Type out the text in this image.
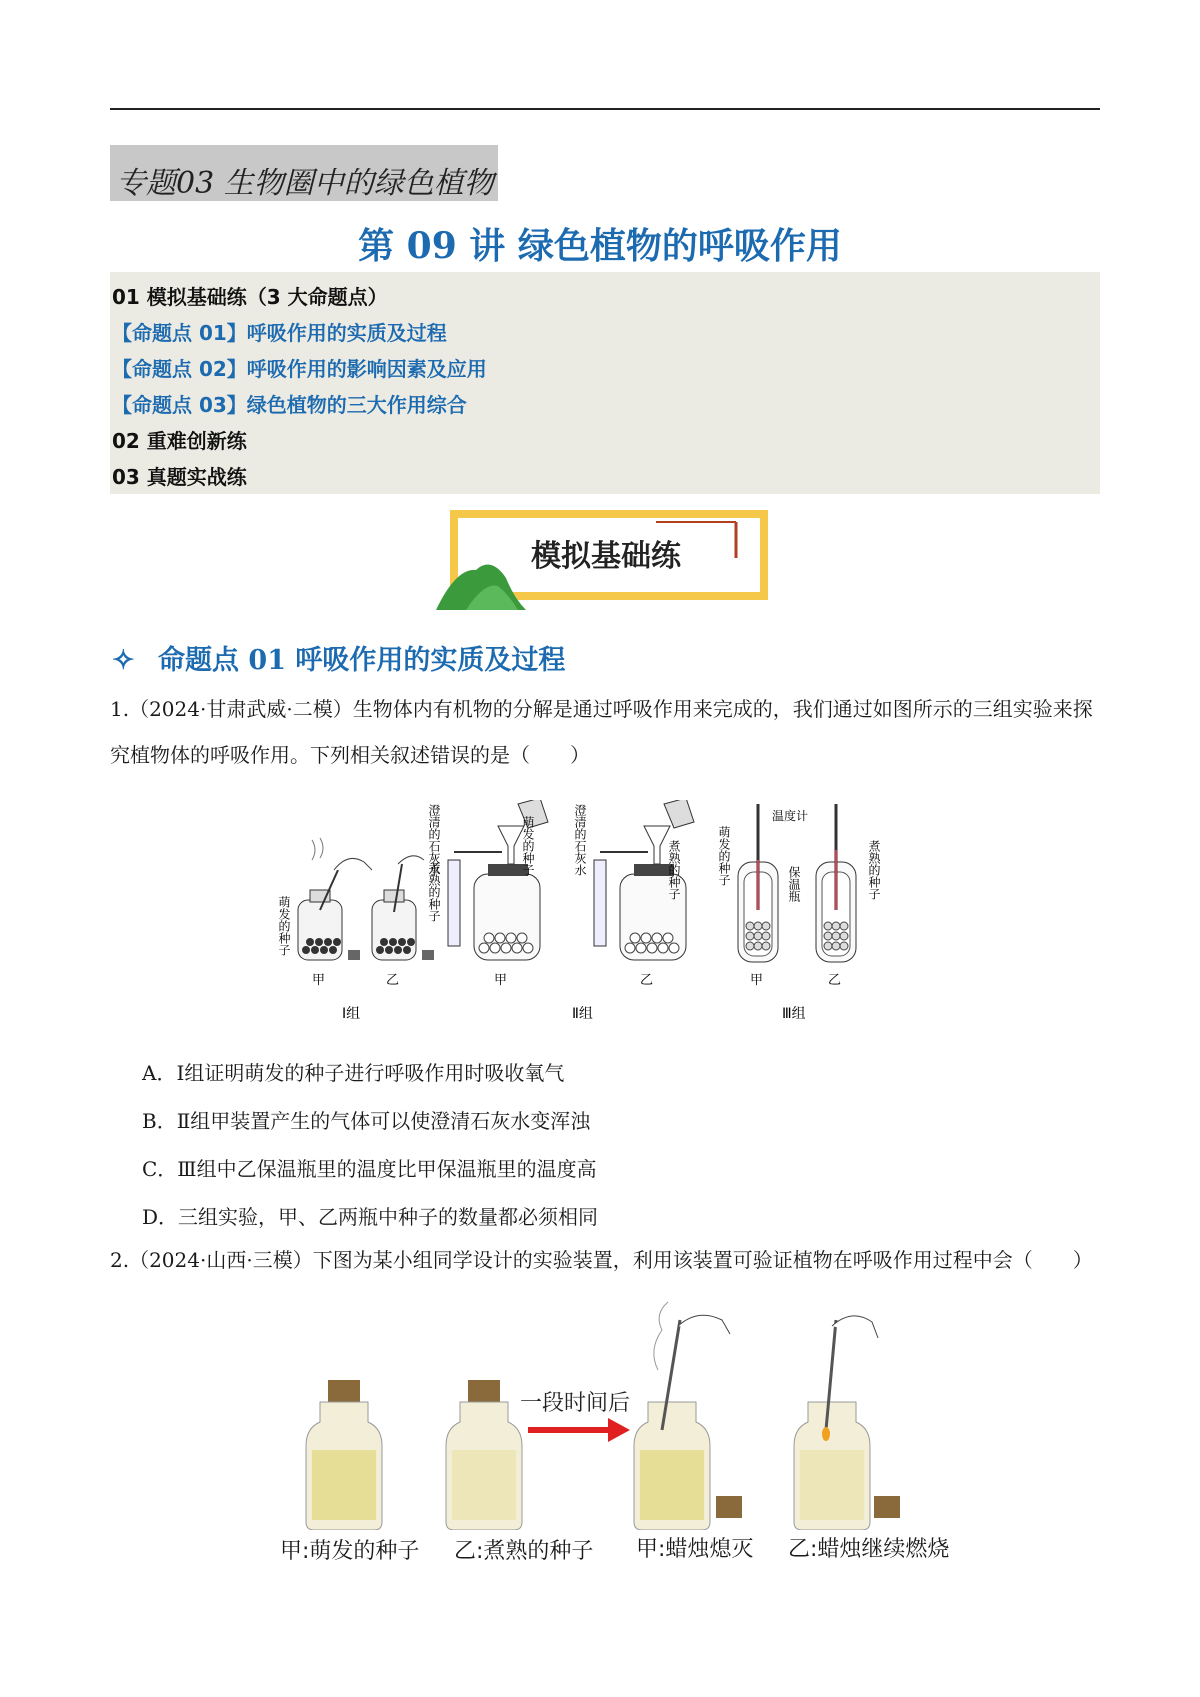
专题03 生物圈中的绿色植物
第 09 讲 绿色植物的呼吸作用
01 模拟基础练（3 大命题点）
【命题点 01】呼吸作用的实质及过程
【命题点 02】呼吸作用的影响因素及应用
【命题点 03】绿色植物的三大作用综合
02 重难创新练
03 真题实战练
模拟基础练
✧ 命题点 01 呼吸作用的实质及过程
1.（2024·甘肃武威·二模）生物体内有机物的分解是通过呼吸作用来完成的，我们通过如图所示的三组实验来探究植物体的呼吸作用。下列相关叙述错误的是（　　）
萌发的种子
甲	乙
煮熟的种子
Ⅰ组
澄清的石灰水
甲
萌发的种子	澄清的石灰水
乙
煮熟的种子
Ⅱ组
萌发的种子
甲
保温瓶
温度计
乙
煮熟的种子
Ⅲ组
A．Ⅰ组证明萌发的种子进行呼吸作用时吸收氧气
B．Ⅱ组甲装置产生的气体可以使澄清石灰水变浑浊
C．Ⅲ组中乙保温瓶里的温度比甲保温瓶里的温度高
D．三组实验，甲、乙两瓶中种子的数量都必须相同
2.（2024·山西·三模）下图为某小组同学设计的实验装置，利用该装置可验证植物在呼吸作用过程中会（　　）
一段时间后
甲:萌发的种子 乙:煮熟的种子 甲:蜡烛熄灭 乙:蜡烛继续燃烧
